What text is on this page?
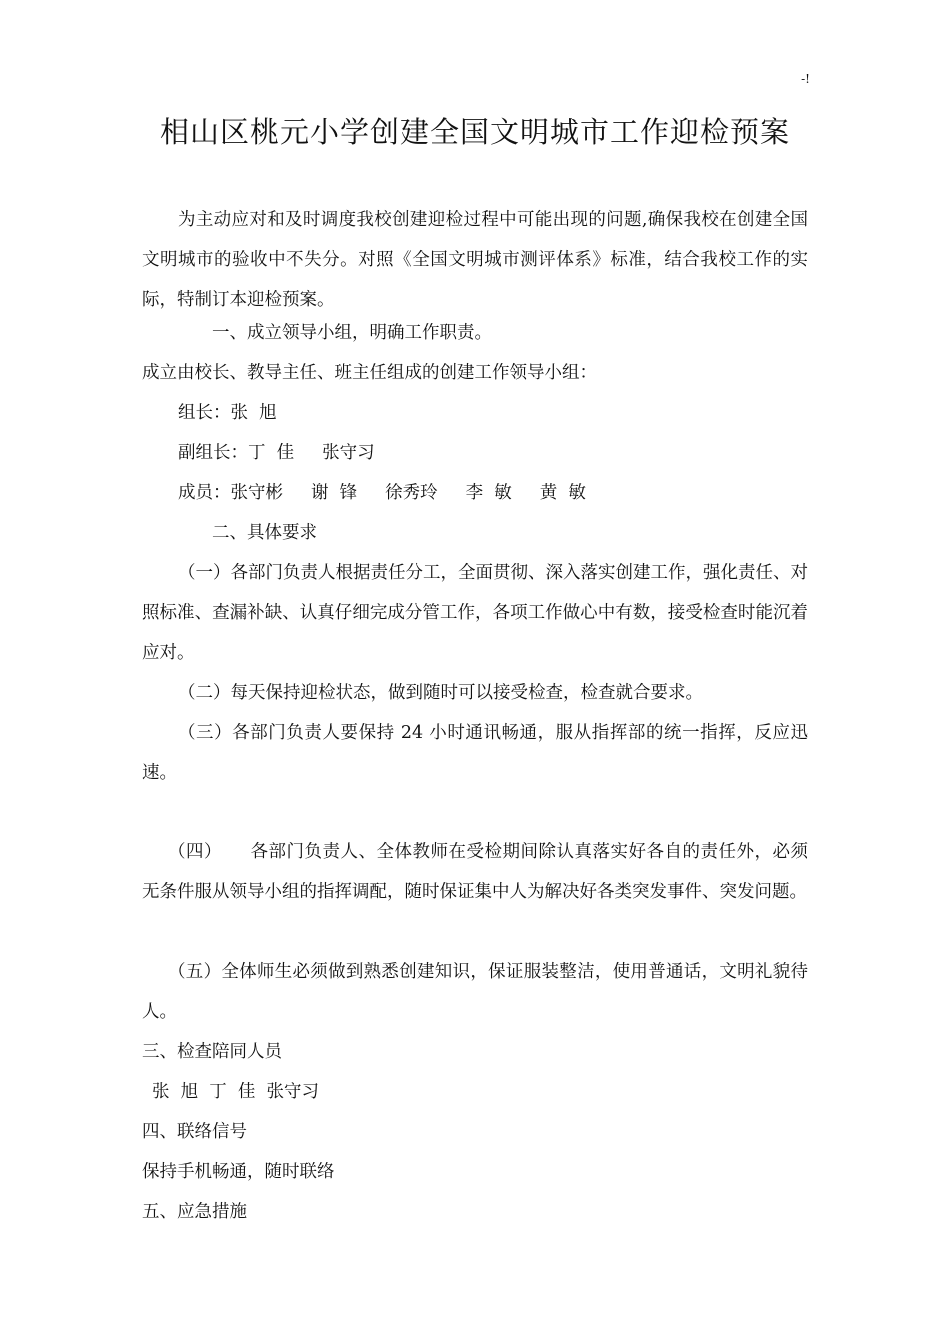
-!
相山区桃元小学创建全国文明城市工作迎检预案

为主动应对和及时调度我校创建迎检过程中可能出现的问题,确保我校在创建全国文明城市的验收中不失分。对照《全国文明城市测评体系》标准，结合我校工作的实际，特制订本迎检预案。

一、成立领导小组，明确工作职责。

成立由校长、教导主任、班主任组成的创建工作领导小组：

组长：张  旭

副组长：丁  佳 张守习

成员：张守彬 谢  锋 徐秀玲 李  敏 黄  敏

二、具体要求

（一）各部门负责人根据责任分工，全面贯彻、深入落实创建工作，强化责任、对照标准、查漏补缺、认真仔细完成分管工作，各项工作做心中有数，接受检查时能沉着应对。

（二）每天保持迎检状态，做到随时可以接受检查，检查就合要求。

（三）各部门负责人要保持 24 小时通讯畅通，服从指挥部的统一指挥，反应迅速。

（四） 各部门负责人、全体教师在受检期间除认真落实好各自的责任外，必须无条件服从领导小组的指挥调配，随时保证集中人为解决好各类突发事件、突发问题。

（五）全体师生必须做到熟悉创建知识，保证服装整洁，使用普通话，文明礼貌待人。

三、检查陪同人员

张  旭  丁  佳  张守习

四、联络信号

保持手机畅通，随时联络

五、应急措施
